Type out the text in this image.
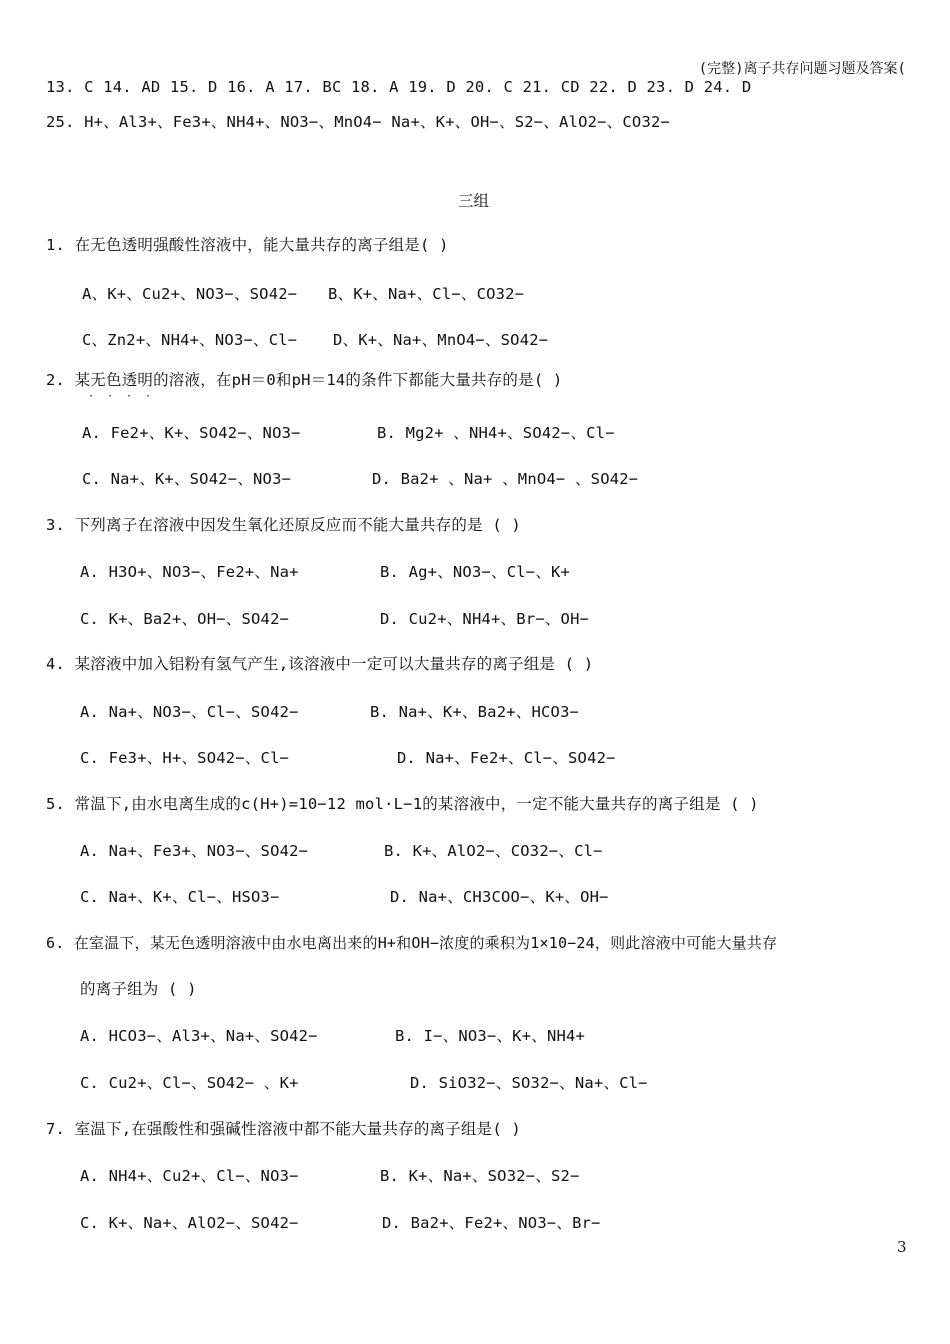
(完整)离子共存问题习题及答案(
13. C 14. AD 15. D 16. A 17. BC 18. A 19. D 20. C 21. CD 22. D 23. D 24. D
25. H+、Al3+、Fe3+、NH4+、NO3−、MnO4− Na+、K+、OH−、S2−、AlO2−、CO32−
三组
1. 在无色透明强酸性溶液中，能大量共存的离子组是( )
A、K+、Cu2+、NO3−、SO42− B、K+、Na+、Cl−、CO32−
C、Zn2+、NH4+、NO3−、Cl− D、K+、Na+、MnO4−、SO42−
2. 某无色透明的溶液，在pH＝0和pH＝14的条件下都能大量共存的是( )
····
A. Fe2+、K+、SO42−、NO3−	B. Mg2+ 、NH4+、SO42−、Cl−
C. Na+、K+、SO42−、NO3−	D. Ba2+ 、Na+ 、MnO4− 、SO42−
3. 下列离子在溶液中因发生氧化还原反应而不能大量共存的是 ( )
A. H3O+、NO3−、Fe2+、Na+	B. Ag+、NO3−、Cl−、K+
C. K+、Ba2+、OH−、SO42−	D. Cu2+、NH4+、Br−、OH−
4. 某溶液中加入铝粉有氢气产生,该溶液中一定可以大量共存的离子组是 ( )
A. Na+、NO3−、Cl−、SO42−	B. Na+、K+、Ba2+、HCO3−
C. Fe3+、H+、SO42−、Cl−	D. Na+、Fe2+、Cl−、SO42−
5. 常温下,由水电离生成的c(H+)=10−12 mol·L−1的某溶液中，一定不能大量共存的离子组是 ( )
A. Na+、Fe3+、NO3−、SO42−	B. K+、AlO2−、CO32−、Cl−
C. Na+、K+、Cl−、HSO3−	D. Na+、CH3COO−、K+、OH−
6. 在室温下，某无色透明溶液中由水电离出来的H+和OH−浓度的乘积为1×10−24，则此溶液中可能大量共存
的离子组为 ( )
A. HCO3−、Al3+、Na+、SO42−	B. I−、NO3−、K+、NH4+
C. Cu2+、Cl−、SO42− 、K+	D. SiO32−、SO32−、Na+、Cl−
7. 室温下,在强酸性和强碱性溶液中都不能大量共存的离子组是( )
A. NH4+、Cu2+、Cl−、NO3−	B. K+、Na+、SO32−、S2−
C. K+、Na+、AlO2−、SO42−	D. Ba2+、Fe2+、NO3−、Br−
3
